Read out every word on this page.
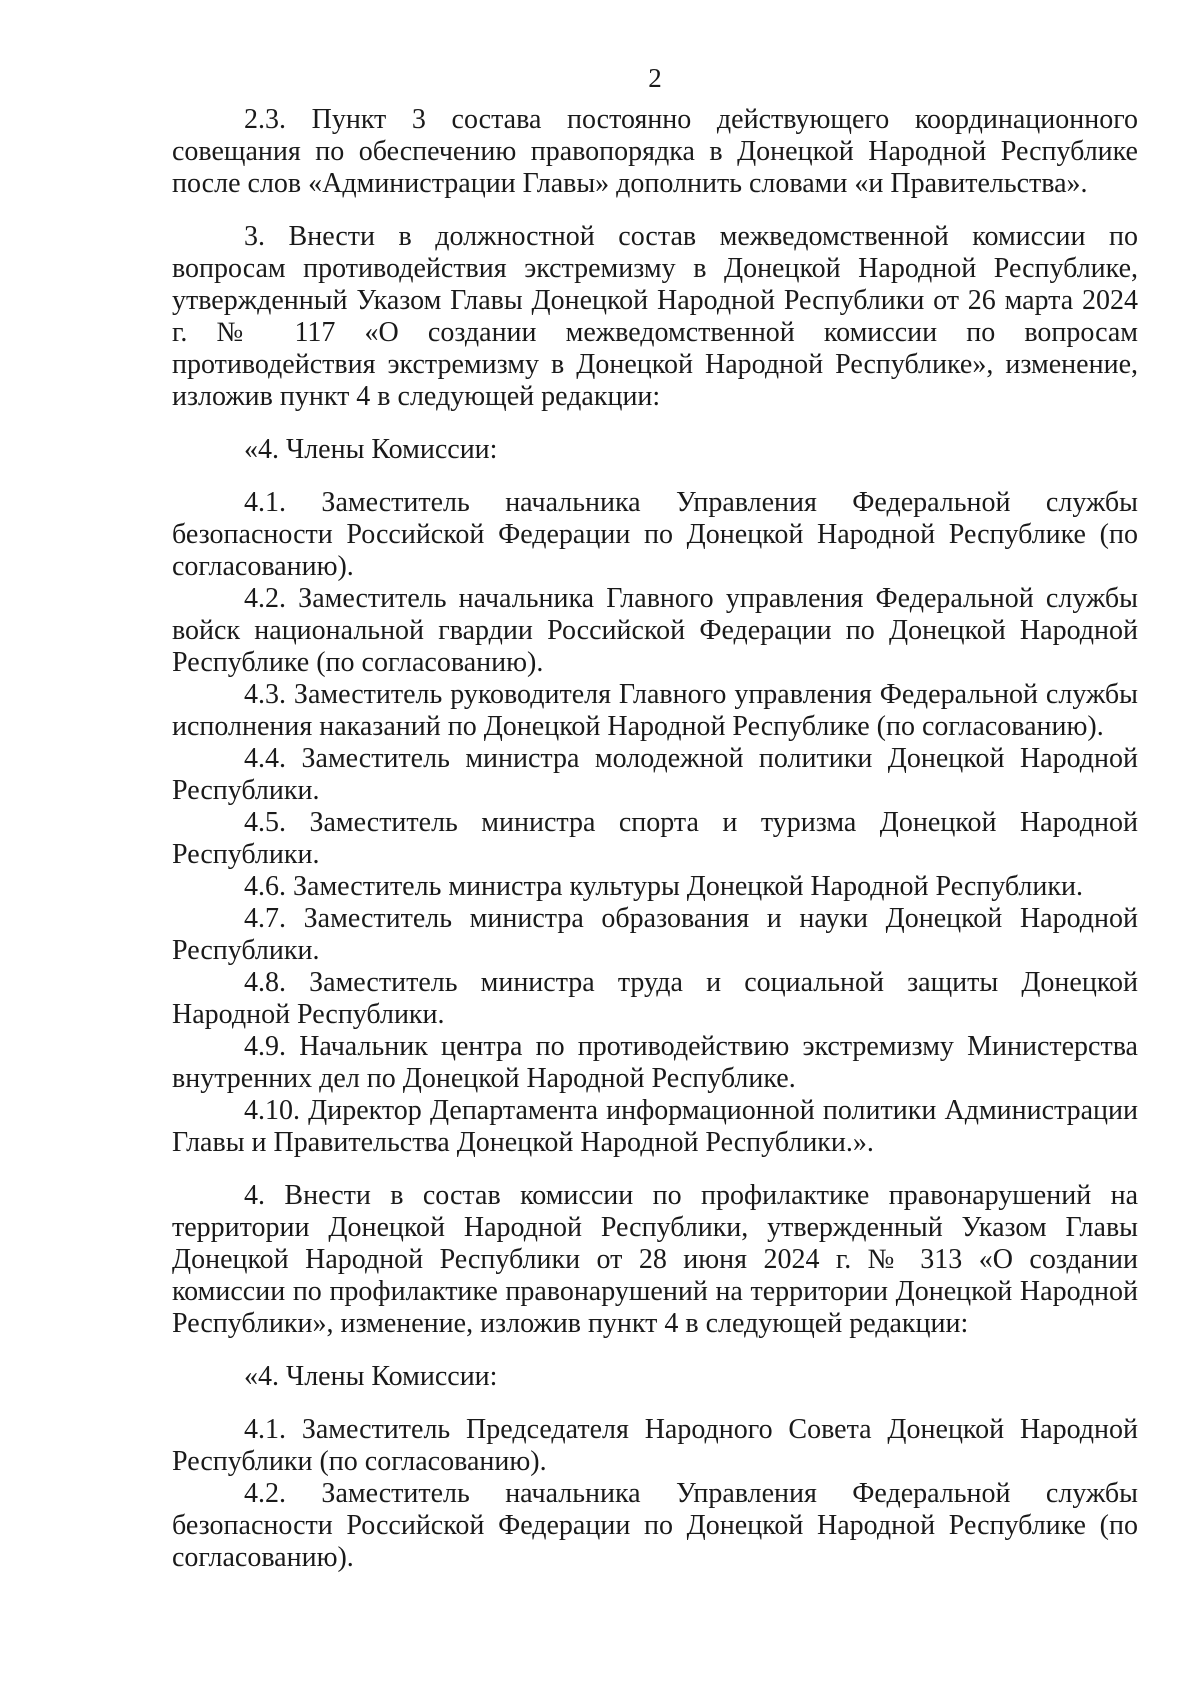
2

2.3. Пункт 3 состава постоянно действующего координационного совещания по обеспечению правопорядка в Донецкой Народной Республике после слов «Администрации Главы» дополнить словами «и Правительства».

3. Внести в должностной состав межведомственной комиссии по вопросам противодействия экстремизму в Донецкой Народной Республике, утвержденный Указом Главы Донецкой Народной Республики от 26 марта 2024 г. № 117 «О создании межведомственной комиссии по вопросам противодействия экстремизму в Донецкой Народной Республике», изменение, изложив пункт 4 в следующей редакции:

«4. Члены Комиссии:

4.1. Заместитель начальника Управления Федеральной службы безопасности Российской Федерации по Донецкой Народной Республике (по согласованию).

4.2. Заместитель начальника Главного управления Федеральной службы войск национальной гвардии Российской Федерации по Донецкой Народной Республике (по согласованию).

4.3. Заместитель руководителя Главного управления Федеральной службы исполнения наказаний по Донецкой Народной Республике (по согласованию).

4.4. Заместитель министра молодежной политики Донецкой Народной Республики.

4.5. Заместитель министра спорта и туризма Донецкой Народной Республики.

4.6. Заместитель министра культуры Донецкой Народной Республики.

4.7. Заместитель министра образования и науки Донецкой Народной Республики.

4.8. Заместитель министра труда и социальной защиты Донецкой Народной Республики.

4.9. Начальник центра по противодействию экстремизму Министерства внутренних дел по Донецкой Народной Республике.

4.10. Директор Департамента информационной политики Администрации Главы и Правительства Донецкой Народной Республики.».

4. Внести в состав комиссии по профилактике правонарушений на территории Донецкой Народной Республики, утвержденный Указом Главы Донецкой Народной Республики от 28 июня 2024 г. № 313 «О создании комиссии по профилактике правонарушений на территории Донецкой Народной Республики», изменение, изложив пункт 4 в следующей редакции:

«4. Члены Комиссии:

4.1. Заместитель Председателя Народного Совета Донецкой Народной Республики (по согласованию).

4.2. Заместитель начальника Управления Федеральной службы безопасности Российской Федерации по Донецкой Народной Республике (по согласованию).
